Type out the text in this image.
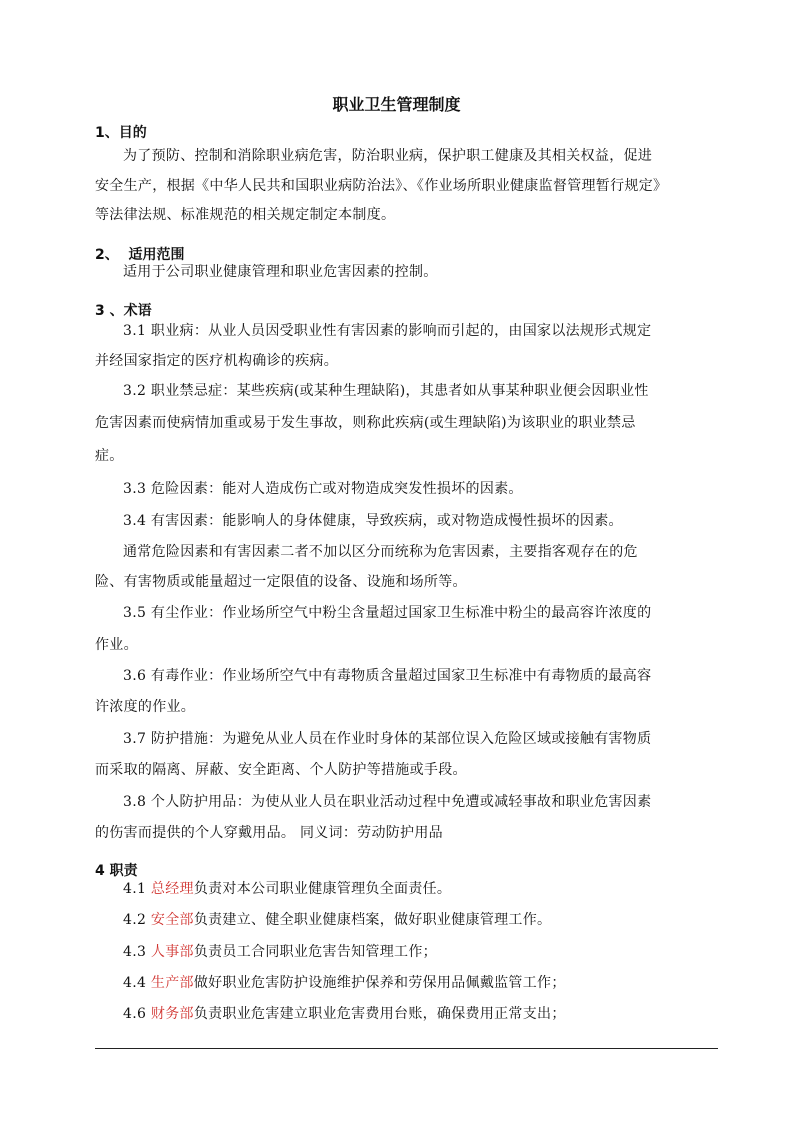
职业卫生管理制度
1、目的
为了预防、控制和消除职业病危害，防治职业病，保护职工健康及其相关权益，促进
安全生产，根据《中华人民共和国职业病防治法》、《作业场所职业健康监督管理暂行规定》
等法律法规、标准规范的相关规定制定本制度。
2、  适用范围
适用于公司职业健康管理和职业危害因素的控制。
3 、术语
3.1 职业病：从业人员因受职业性有害因素的影响而引起的，由国家以法规形式规定
并经国家指定的医疗机构确诊的疾病。
3.2 职业禁忌症：某些疾病(或某种生理缺陷)，其患者如从事某种职业便会因职业性
危害因素而使病情加重或易于发生事故，则称此疾病(或生理缺陷)为该职业的职业禁忌
症。
3.3 危险因素：能对人造成伤亡或对物造成突发性损坏的因素。
3.4 有害因素：能影响人的身体健康，导致疾病，或对物造成慢性损坏的因素。
通常危险因素和有害因素二者不加以区分而统称为危害因素，主要指客观存在的危
险、有害物质或能量超过一定限值的设备、设施和场所等。
3.5 有尘作业：作业场所空气中粉尘含量超过国家卫生标准中粉尘的最高容许浓度的
作业。
3.6 有毒作业：作业场所空气中有毒物质含量超过国家卫生标准中有毒物质的最高容
许浓度的作业。
3.7 防护措施：为避免从业人员在作业时身体的某部位误入危险区域或接触有害物质
而采取的隔离、屏蔽、安全距离、个人防护等措施或手段。
3.8 个人防护用品：为使从业人员在职业活动过程中免遭或减轻事故和职业危害因素
的伤害而提供的个人穿戴用品。 同义词：劳动防护用品
4 职责
4.1 总经理负责对本公司职业健康管理负全面责任。
4.2 安全部负责建立、健全职业健康档案，做好职业健康管理工作。
4.3 人事部负责员工合同职业危害告知管理工作；
4.4 生产部做好职业危害防护设施维护保养和劳保用品佩戴监管工作；
4.6 财务部负责职业危害建立职业危害费用台账，确保费用正常支出；
